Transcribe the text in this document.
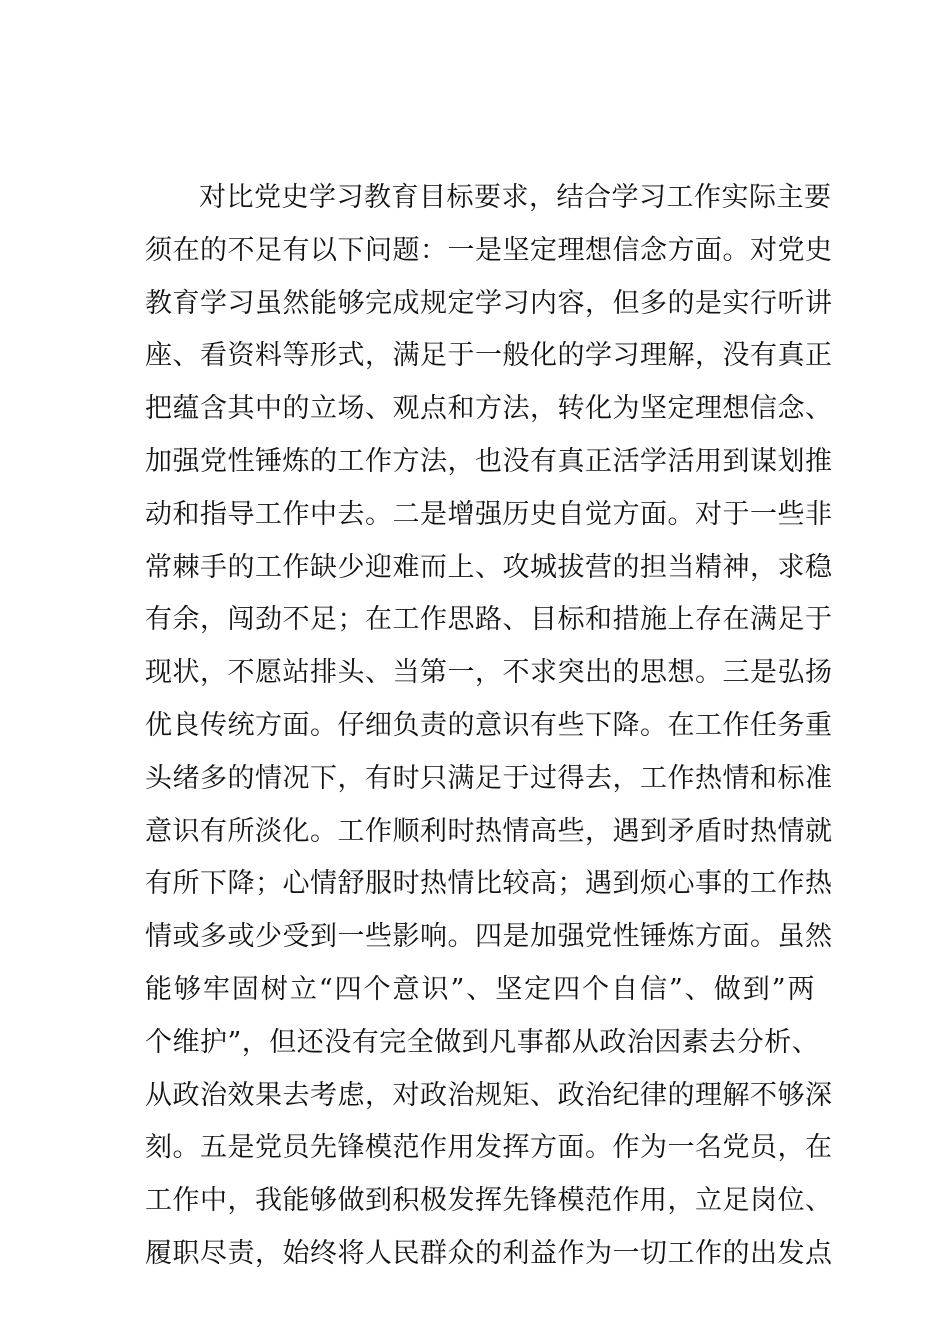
对比党史学习教育目标要求，结合学习工作实际主要
须在的不足有以下问题：一是坚定理想信念方面。对党史
教育学习虽然能够完成规定学习内容，但多的是实行听讲
座、看资料等形式，满足于一般化的学习理解，没有真正
把蕴含其中的立场、观点和方法，转化为坚定理想信念、
加强党性锤炼的工作方法，也没有真正活学活用到谋划推
动和指导工作中去。二是增强历史自觉方面。对于一些非
常棘手的工作缺少迎难而上、攻城拔营的担当精神，求稳
有余，闯劲不足；在工作思路、目标和措施上存在满足于
现状，不愿站排头、当第一，不求突出的思想。三是弘扬
优良传统方面。仔细负责的意识有些下降。在工作任务重
头绪多的情况下，有时只满足于过得去，工作热情和标准
意识有所淡化。工作顺利时热情高些，遇到矛盾时热情就
有所下降；心情舒服时热情比较高；遇到烦心事的工作热
情或多或少受到一些影响。四是加强党性锤炼方面。虽然
能够牢固树立“四个意识”、坚定四个自信”、做到”两
个维护”，但还没有完全做到凡事都从政治因素去分析、
从政治效果去考虑，对政治规矩、政治纪律的理解不够深
刻。五是党员先锋模范作用发挥方面。作为一名党员，在
工作中，我能够做到积极发挥先锋模范作用，立足岗位、
履职尽责，始终将人民群众的利益作为一切工作的出发点
